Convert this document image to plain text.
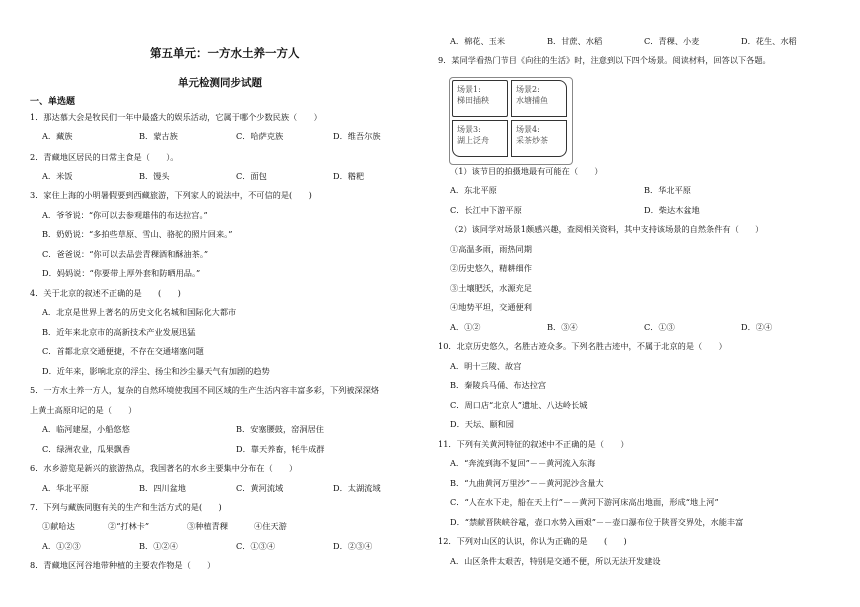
第五单元：一方水土养一方人
单元检测同步试题
一、单选题
1．那达慕大会是牧民们一年中最盛大的娱乐活动，它属于哪个少数民族（　　）
A．藏族	B．蒙古族	C．哈萨克族	D．维吾尔族
2．青藏地区居民的日常主食是（　　）。
A．米饭	B．馒头	C．面包	D．糌粑
3．家住上海的小明暑假要到西藏旅游，下列家人的说法中，不可信的是(　　)
A．爷爷说：“你可以去参观雄伟的布达拉宫。”
B．奶奶说：“多拍些草原、雪山、骆驼的照片回来。”
C．爸爸说：“你可以去品尝青稞酒和酥油茶。”
D．妈妈说：“你要带上厚外套和防晒用品。”
4．关于北京的叙述不正确的是　　(　　)
A．北京是世界上著名的历史文化名城和国际化大都市
B．近年来北京市的高新技术产业发展迅猛
C．首都北京交通便捷，不存在交通堵塞问题
D．近年来，影响北京的浮尘、扬尘和沙尘暴天气有加剧的趋势
5．一方水土养一方人，复杂的自然环境使我国不同区域的生产生活内容丰富多彩，下列被深深烙
上黄土高原印记的是（　　）
A．临河建屋，小船悠悠	B．安塞腰鼓，窑洞居住
C．绿洲农业，瓜果飘香	D．靠天养畜，牦牛成群
6．水乡游览是新兴的旅游热点，我国著名的水乡主要集中分布在（　　）
A．华北平原	B．四川盆地	C．黄河流域	D．太湖流域
7．下列与藏族同胞有关的生产和生活方式的是(　　)
①献哈达	②“打林卡”	③种植青稞	④住天游
A．①②③	B．①②④	C．①③④	D．②③④
8．青藏地区河谷地带种植的主要农作物是（　　）
A．棉花、玉米	B．甘蔗、水稻	C．青稞、小麦	D．花生、水稻
9．某同学看热门节目《向往的生活》时，注意到以下四个场景。阅读材料，回答以下各题。
场景1:
梯田插秧
场景2:
水塘捕鱼
场景3:
湖上泛舟
场景4:
采茶炒茶
（1）该节目的拍摄地最有可能在（　　）
A．东北平原	B．华北平原
C．长江中下游平原	D．柴达木盆地
（2）该同学对场景1颇感兴趣，查阅相关资料，其中支持该场景的自然条件有（　　）
①高温多雨，雨热同期
②历史悠久，精耕细作
③土壤肥沃，水源充足
④地势平坦，交通便利
A．①②	B．③④	C．①③	D．②④
10．北京历史悠久，名胜古迹众多。下列名胜古迹中，不属于北京的是（　　）
A．明十三陵、故宫
B．秦陵兵马俑、布达拉宫
C．周口店“北京人”遗址、八达岭长城
D．天坛、颐和园
11．下列有关黄河特征的叙述中不正确的是（　　）
A．“奔流到海不复回”－－黄河流入东海
B．“九曲黄河万里沙”－－黄河泥沙含量大
C．“人在水下走，船在天上行”－－黄河下游河床高出地面，形成“地上河”
D．“禁献晋陕峡谷鼋，壶口水势入画艰”－－壶口瀑布位于陕晋交界处，水能丰富
12．下列对山区的认识，你认为正确的是　　(　　)
A．山区条件太艰苦，特别是交通不便，所以无法开发建设
